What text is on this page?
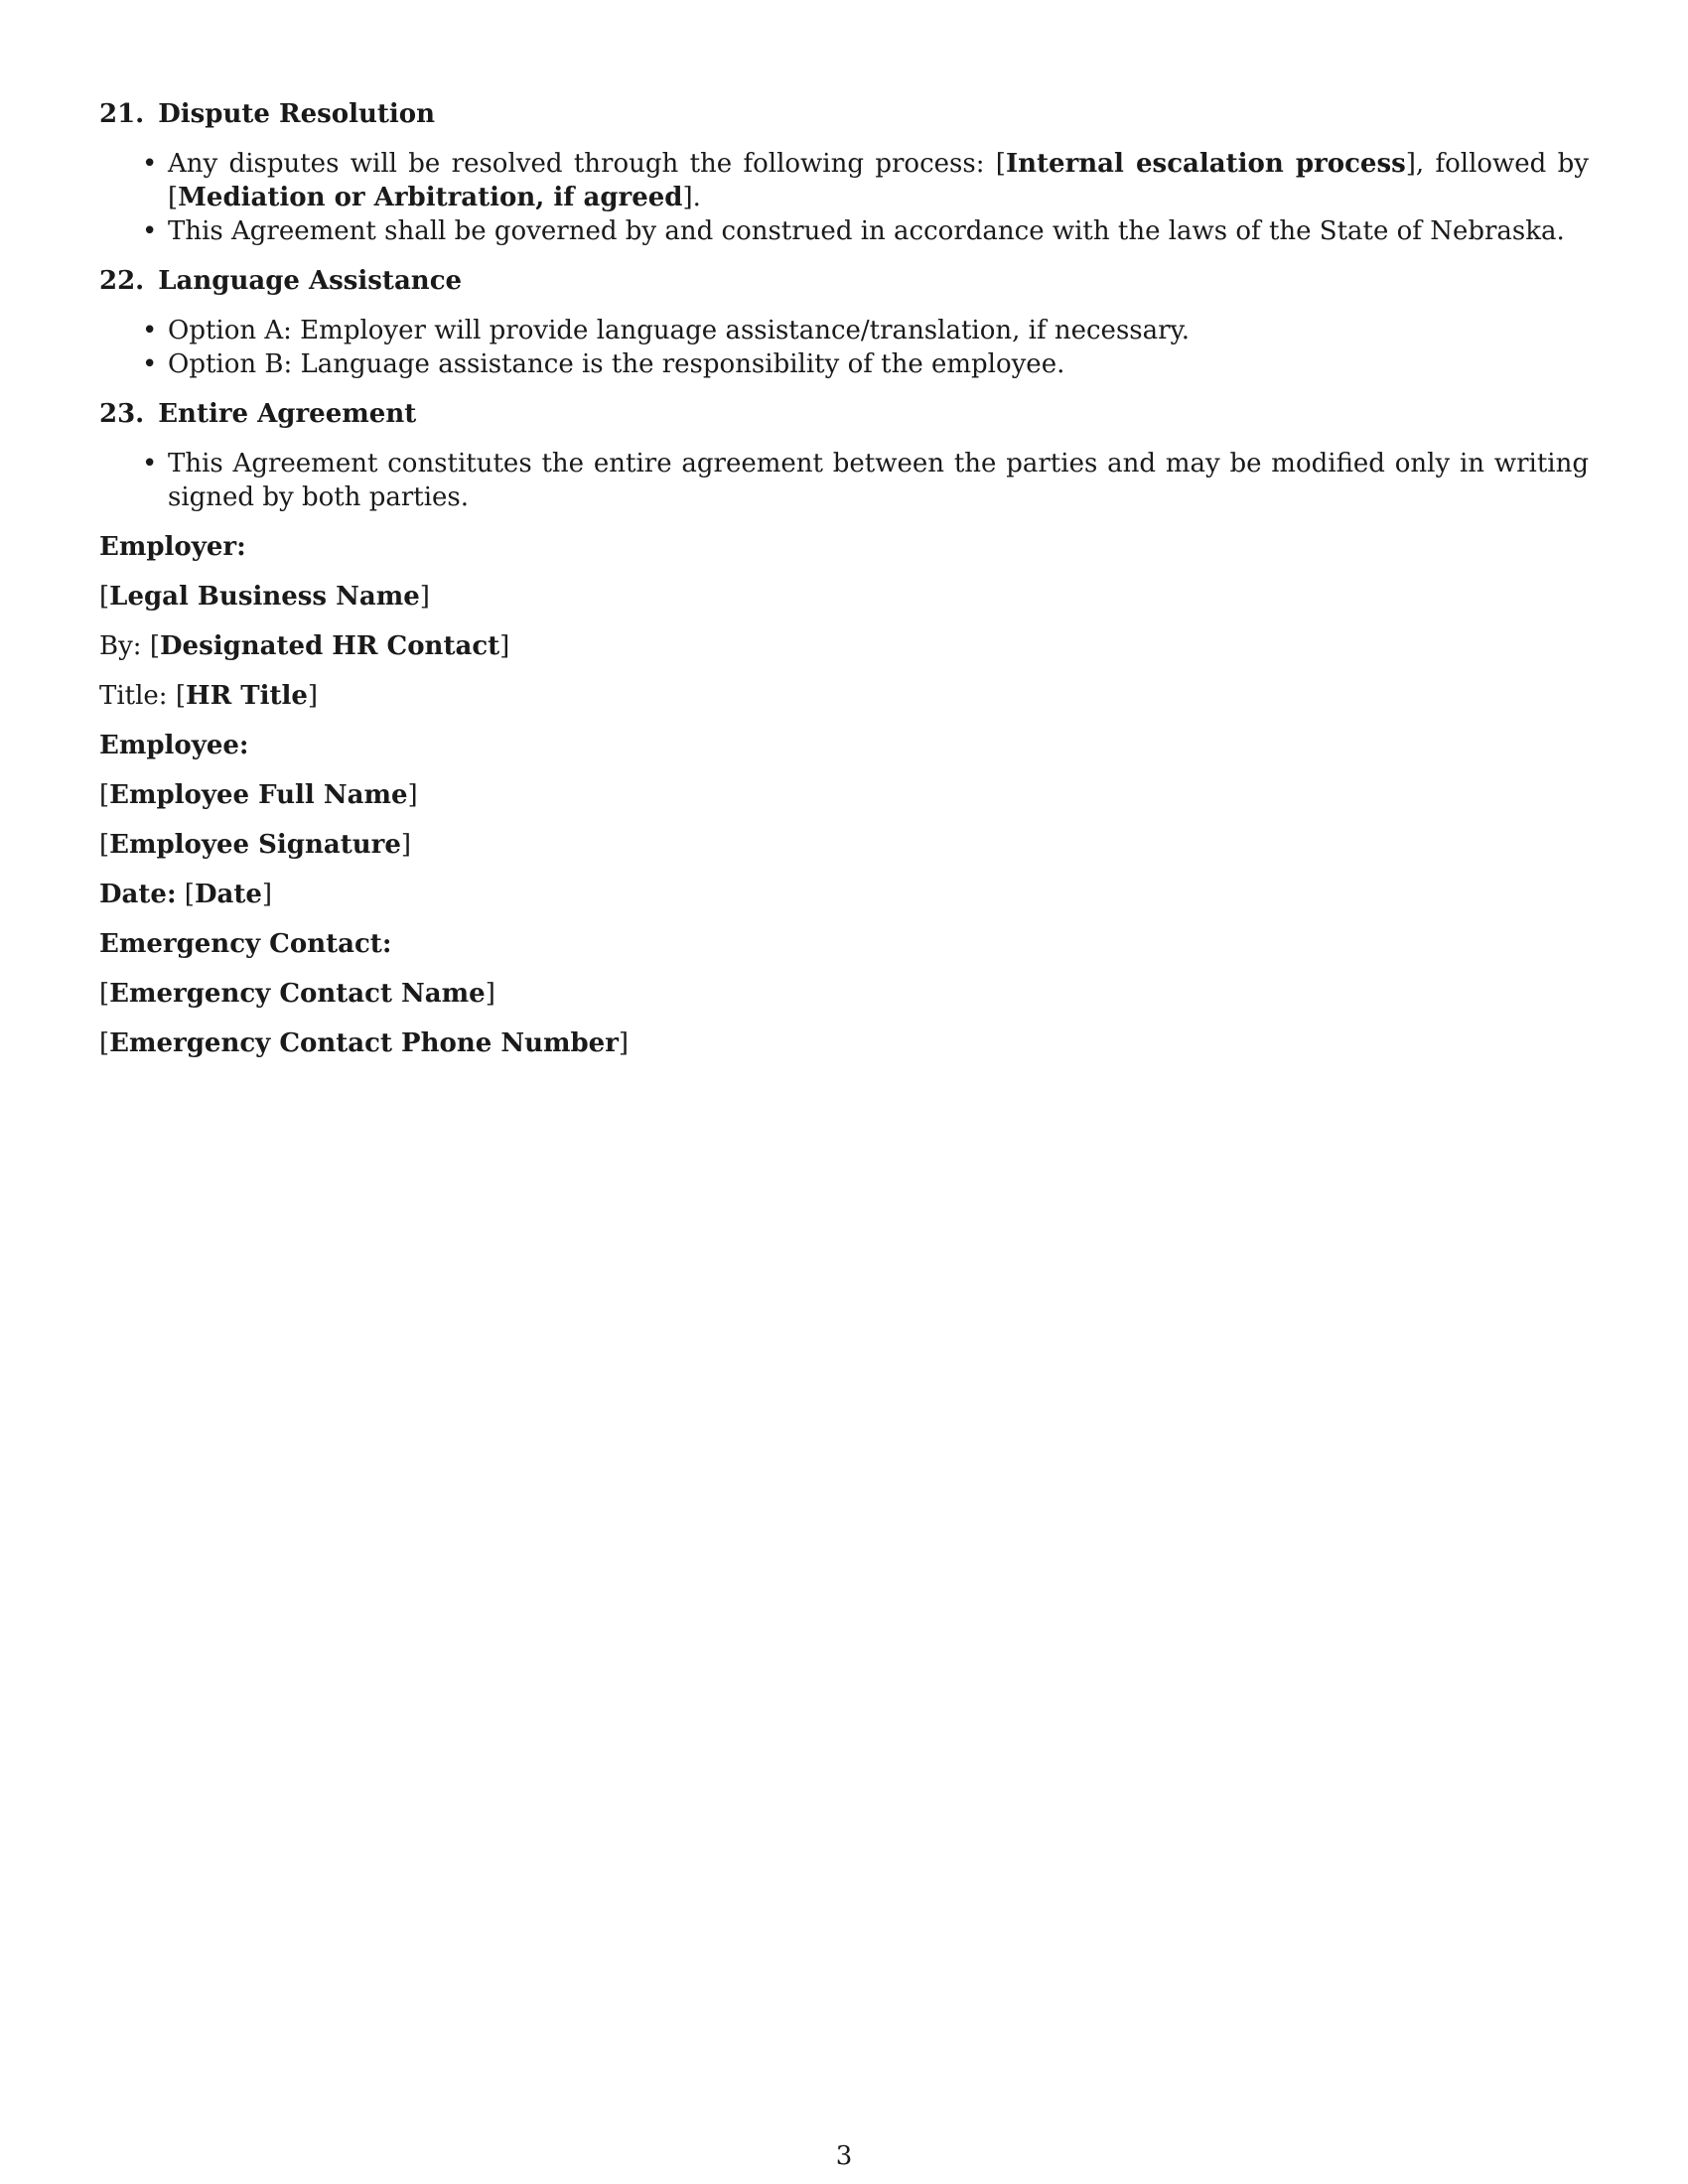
21. Dispute Resolution
• Any disputes will be resolved through the following process: [Internal escalation process], followed by [Mediation or Arbitration, if agreed].
• This Agreement shall be governed by and construed in accordance with the laws of the State of Nebraska.
22. Language Assistance
• Option A: Employer will provide language assistance/translation, if necessary.
• Option B: Language assistance is the responsibility of the employee.
23. Entire Agreement
• This Agreement constitutes the entire agreement between the parties and may be modified only in writing signed by both parties.
Employer:
[Legal Business Name]
By: [Designated HR Contact]
Title: [HR Title]
Employee:
[Employee Full Name]
[Employee Signature]
Date: [Date]
Emergency Contact:
[Emergency Contact Name]
[Emergency Contact Phone Number]
3
